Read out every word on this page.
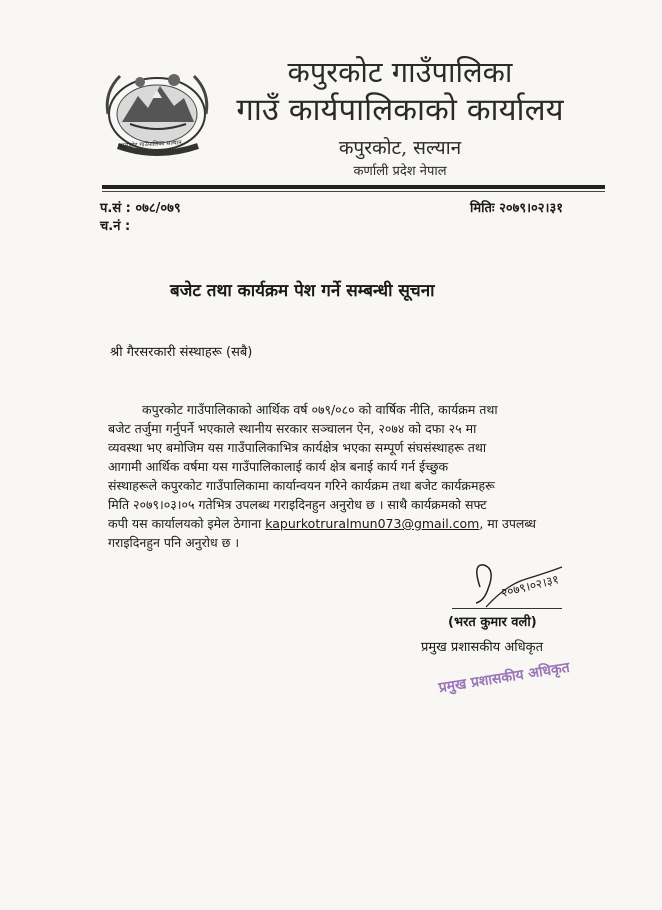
कपुरकोट गाउँपालिका सल्यान
कपुरकोट गाउँपालिका
गाउँ कार्यपालिकाको कार्यालय
कपुरकोट, सल्यान
कर्णाली प्रदेश नेपाल
प.सं : ०७८/०७९
च.नं :
मितिः २०७९।०२।३१
बजेट तथा कार्यक्रम पेश गर्ने सम्बन्धी सूचना
श्री गैरसरकारी संस्थाहरू (सबै)
कपुरकोट गाउँपालिकाको आर्थिक वर्ष ०७९/०८० को वार्षिक नीति, कार्यक्रम तथा
बजेट तर्जुमा गर्नुपर्ने भएकाले स्थानीय सरकार सञ्चालन ऐन, २०७४ को दफा २५ मा
व्यवस्था भए बमोजिम यस गाउँपालिकाभित्र कार्यक्षेत्र भएका सम्पूर्ण संघसंस्थाहरू तथा
आगामी आर्थिक वर्षमा यस गाउँपालिकालाई कार्य क्षेत्र बनाई कार्य गर्न ईच्छुक
संस्थाहरूले कपुरकोट गाउँपालिकामा कार्यान्वयन गरिने कार्यक्रम तथा बजेट कार्यक्रमहरू
मिति २०७९।०३।०५ गतेभित्र उपलब्ध गराइदिनहुन अनुरोध छ । साथै कार्यक्रमको सफ्ट
कपी यस कार्यालयको इमेल ठेगाना kapurkotruralmun073@gmail.com, मा उपलब्ध
गराइदिनहुन पनि अनुरोध छ ।
२०७९।०२।३१
(भरत कुमार वली)
प्रमुख प्रशासकीय अधिकृत
प्रमुख प्रशासकीय अधिकृत
